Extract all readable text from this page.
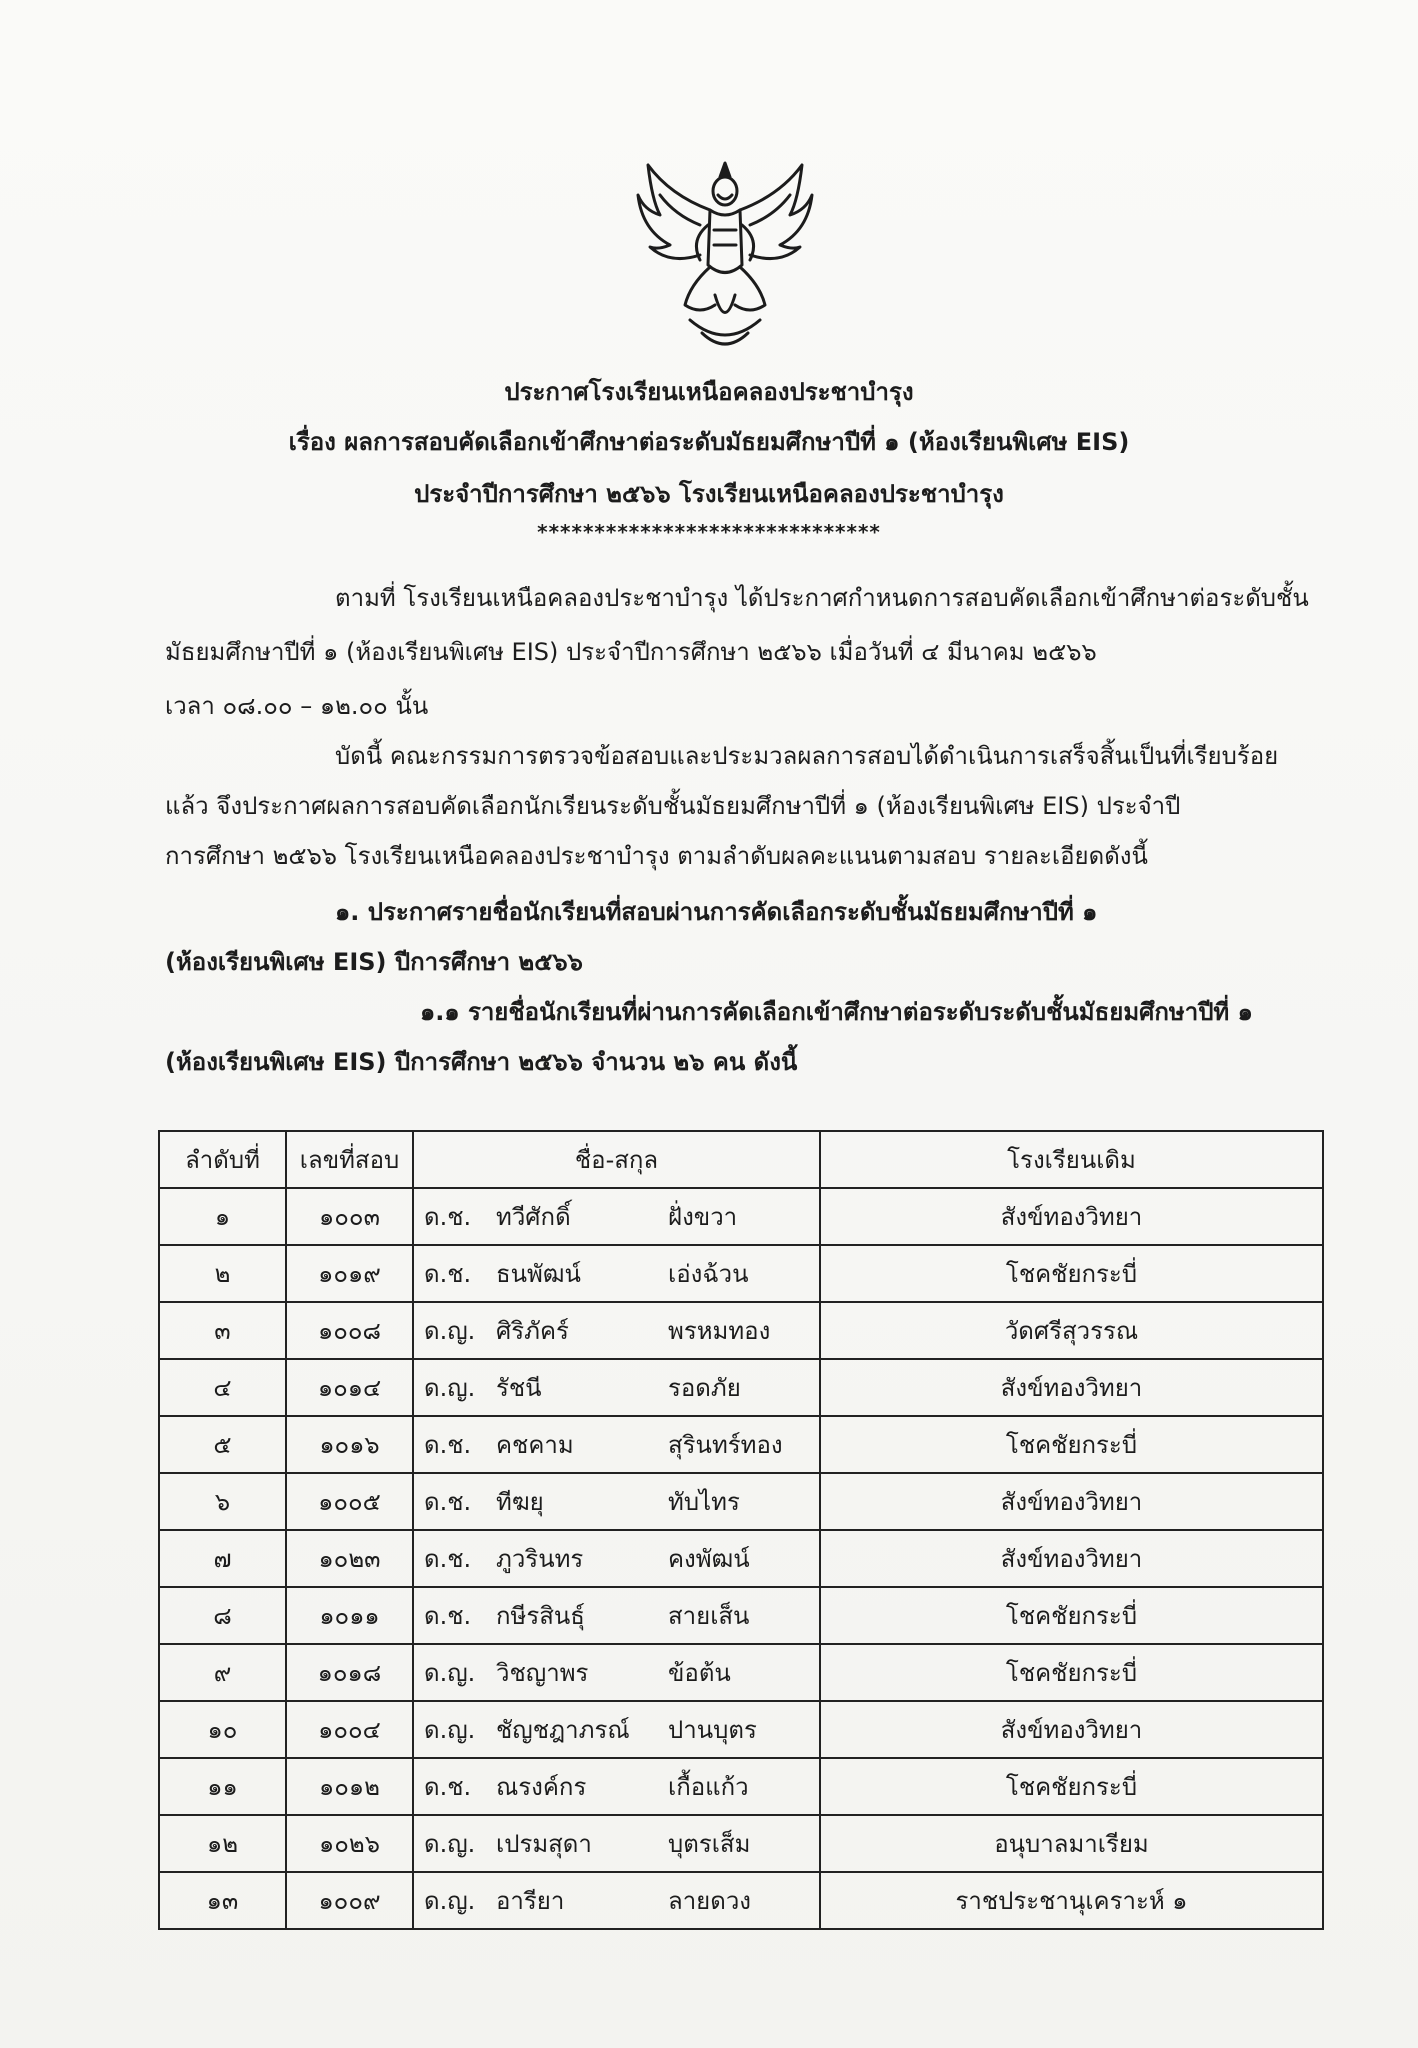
ประกาศโรงเรียนเหนือคลองประชาบำรุง
เรื่อง ผลการสอบคัดเลือกเข้าศึกษาต่อระดับมัธยมศึกษาปีที่ ๑ (ห้องเรียนพิเศษ EIS)
ประจำปีการศึกษา ๒๕๖๖ โรงเรียนเหนือคลองประชาบำรุง
******************************
ตามที่ โรงเรียนเหนือคลองประชาบำรุง ได้ประกาศกำหนดการสอบคัดเลือกเข้าศึกษาต่อระดับชั้น
มัธยมศึกษาปีที่ ๑ (ห้องเรียนพิเศษ EIS) ประจำปีการศึกษา ๒๕๖๖ เมื่อวันที่ ๔ มีนาคม ๒๕๖๖
เวลา ๐๘.๐๐ – ๑๒.๐๐ นั้น
บัดนี้ คณะกรรมการตรวจข้อสอบและประมวลผลการสอบได้ดำเนินการเสร็จสิ้นเป็นที่เรียบร้อย
แล้ว จึงประกาศผลการสอบคัดเลือกนักเรียนระดับชั้นมัธยมศึกษาปีที่ ๑ (ห้องเรียนพิเศษ EIS) ประจำปี
การศึกษา ๒๕๖๖ โรงเรียนเหนือคลองประชาบำรุง ตามลำดับผลคะแนนตามสอบ รายละเอียดดังนี้
๑. ประกาศรายชื่อนักเรียนที่สอบผ่านการคัดเลือกระดับชั้นมัธยมศึกษาปีที่ ๑
(ห้องเรียนพิเศษ EIS) ปีการศึกษา ๒๕๖๖
๑.๑ รายชื่อนักเรียนที่ผ่านการคัดเลือกเข้าศึกษาต่อระดับระดับชั้นมัธยมศึกษาปีที่ ๑
(ห้องเรียนพิเศษ EIS) ปีการศึกษา ๒๕๖๖ จำนวน ๒๖ คน ดังนี้
ลำดับที่	เลขที่สอบ	ชื่อ-สกุล	โรงเรียนเดิม
๑	๑๐๐๓	ด.ช. ทวีศักดิ์ ฝั่งขวา	สังข์ทองวิทยา
๒	๑๐๑๙	ด.ช. ธนพัฒน์ เอ่งฉ้วน	โชคชัยกระบี่
๓	๑๐๐๘	ด.ญ. ศิริภัคร์ พรหมทอง	วัดศรีสุวรรณ
๔	๑๐๑๔	ด.ญ. รัชนี รอดภัย	สังข์ทองวิทยา
๕	๑๐๑๖	ด.ช. คชคาม สุรินทร์ทอง	โชคชัยกระบี่
๖	๑๐๐๕	ด.ช. ทีฆยุ ทับไทร	สังข์ทองวิทยา
๗	๑๐๒๓	ด.ช. ภูวรินทร คงพัฒน์	สังข์ทองวิทยา
๘	๑๐๑๑	ด.ช. กษีรสินธุ์ สายเส็น	โชคชัยกระบี่
๙	๑๐๑๘	ด.ญ. วิชญาพร ข้อต้น	โชคชัยกระบี่
๑๐	๑๐๐๔	ด.ญ. ชัญชฎาภรณ์ ปานบุตร	สังข์ทองวิทยา
๑๑	๑๐๑๒	ด.ช. ณรงค์กร เกื้อแก้ว	โชคชัยกระบี่
๑๒	๑๐๒๖	ด.ญ. เปรมสุดา บุตรเส็ม	อนุบาลมาเรียม
๑๓	๑๐๐๙	ด.ญ. อารียา ลายดวง	ราชประชานุเคราะห์ ๑
